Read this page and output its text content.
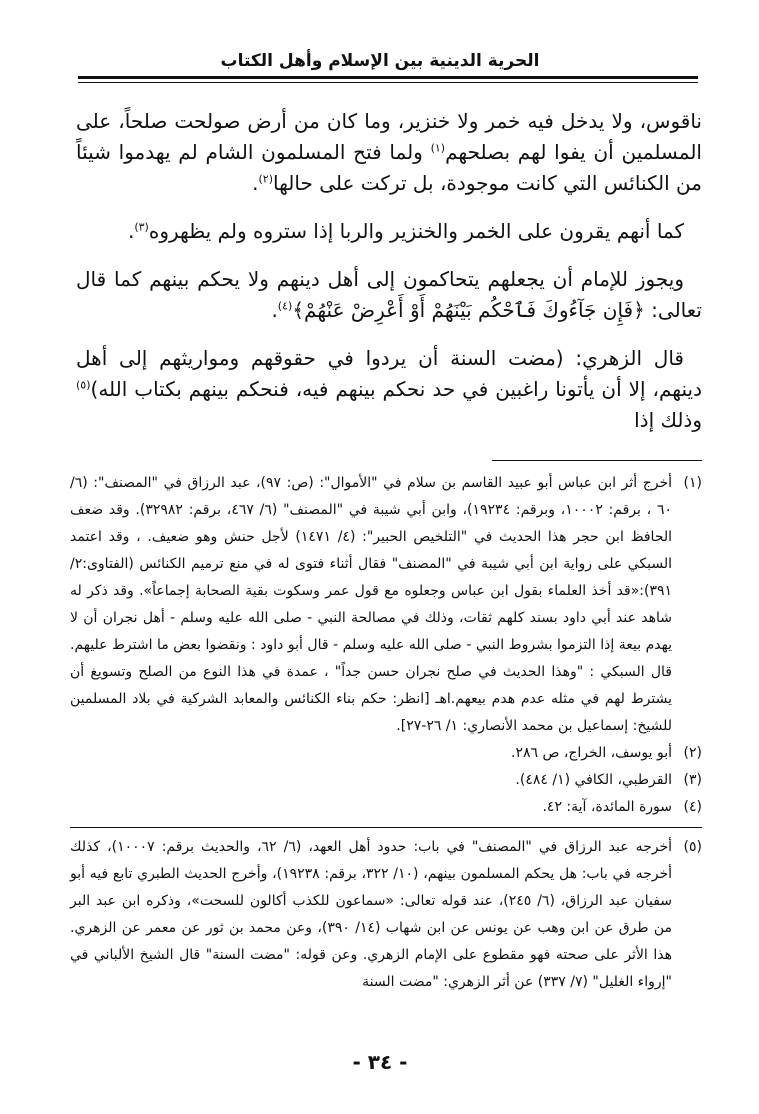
الحرية الدينية بين الإسلام وأهل الكتاب

ناقوس، ولا يدخل فيه خمر ولا خنزير، وما كان من أرض صولحت صلحاً، على المسلمين أن يفوا لهم بصلحهم$^{(١)}$ ولما فتح المسلمون الشام لم يهدموا شيئاً من الكنائس التي كانت موجودة، بل تركت على حالها$^{(٢)}$.

كما أنهم يقرون على الخمر والخنزير والربا إذا ستروه ولم يظهروه$^{(٣)}$.

ويجوز للإمام أن يجعلهم يتحاكمون إلى أهل دينهم ولا يحكم بينهم كما قال تعالى: ﴿فَإِن جَآءُوكَ فَٱحْكُم بَيْنَهُمْ أَوْ أَعْرِضْ عَنْهُمْ﴾$^{(٤)}$.

قال الزهري: (مضت السنة أن يردوا في حقوقهم ومواريثهم إلى أهل دينهم، إلا أن يأتونا راغبين في حد نحكم بينهم فيه، فنحكم بينهم بكتاب الله)$^{(٥)}$ وذلك إذا

(١)
أخرج أثر ابن عباس أبو عبيد القاسم بن سلام في "الأموال": (ص: ٩٧)، عبد الرزاق في "المصنف": (٦/ ٦٠ ، برقم: ١٠٠٠٢، وبرقم: ١٩٢٣٤)، وابن أبي شيبة في "المصنف" (٦/ ٤٦٧، برقم: ٣٢٩٨٢). وقد ضعف الحافظ ابن حجر هذا الحديث في "التلخيص الحبير": (٤/ ١٤٧١) لأجل حنش وهو ضعيف. ، وقد اعتمد السبكي على رواية ابن أبي شيبة في "المصنف" فقال أثناء فتوى له في منع ترميم الكنائس (الفتاوى:٢/ ٣٩١):«قد أخذ العلماء بقول ابن عباس وجعلوه مع قول عمر وسكوت بقية الصحابة إجماعاً». وقد ذكر له شاهد عند أبي داود بسند كلهم ثقات، وذلك في مصالحة النبي - صلى الله عليه وسلم - أهل نجران أن لا يهدم بيعة إذا التزموا بشروط النبي - صلى الله عليه وسلم - قال أبو داود : ونقضوا بعض ما اشترط عليهم. قال السبكي : "وهذا الحديث في صلح نجران حسن جداً" ، عمدة في هذا النوع من الصلح وتسويغ أن يشترط لهم في مثله عدم هدم بيعهم.اهـ [انظر: حكم بناء الكنائس والمعابد الشركية في بلاد المسلمين للشيخ: إسماعيل بن محمد الأنصاري: ١/ ٢٦-٢٧].

(٢)
أبو يوسف، الخراج، ص ٢٨٦.

(٣)
القرطبي، الكافي (١/ ٤٨٤).

(٤)
سورة المائدة، آية: ٤٢.

(٥)
أخرجه عبد الرزاق في "المصنف" في باب: حدود أهل العهد، (٦/ ٦٢، والحديث برقم: ١٠٠٠٧)، كذلك أخرجه في باب: هل يحكم المسلمون بينهم، (١٠/ ٣٢٢، برقم: ١٩٢٣٨)، وأخرج الحديث الطبري تابع فيه أبو سفيان عبد الرزاق، (٦/ ٢٤٥)، عند قوله تعالى: «سماعون للكذب أكالون للسحت»، وذكره ابن عبد البر من طرق عن ابن وهب عن يونس عن ابن شهاب (١٤/ ٣٩٠)، وعن محمد بن ثور عن معمر عن الزهري. هذا الأثر على صحته فهو مقطوع على الإمام الزهري. وعن قوله: "مضت السنة" قال الشيخ الألباني في "إرواء الغليل" (٧/ ٣٣٧) عن أثر الزهري: "مضت السنة

- ٣٤ -
